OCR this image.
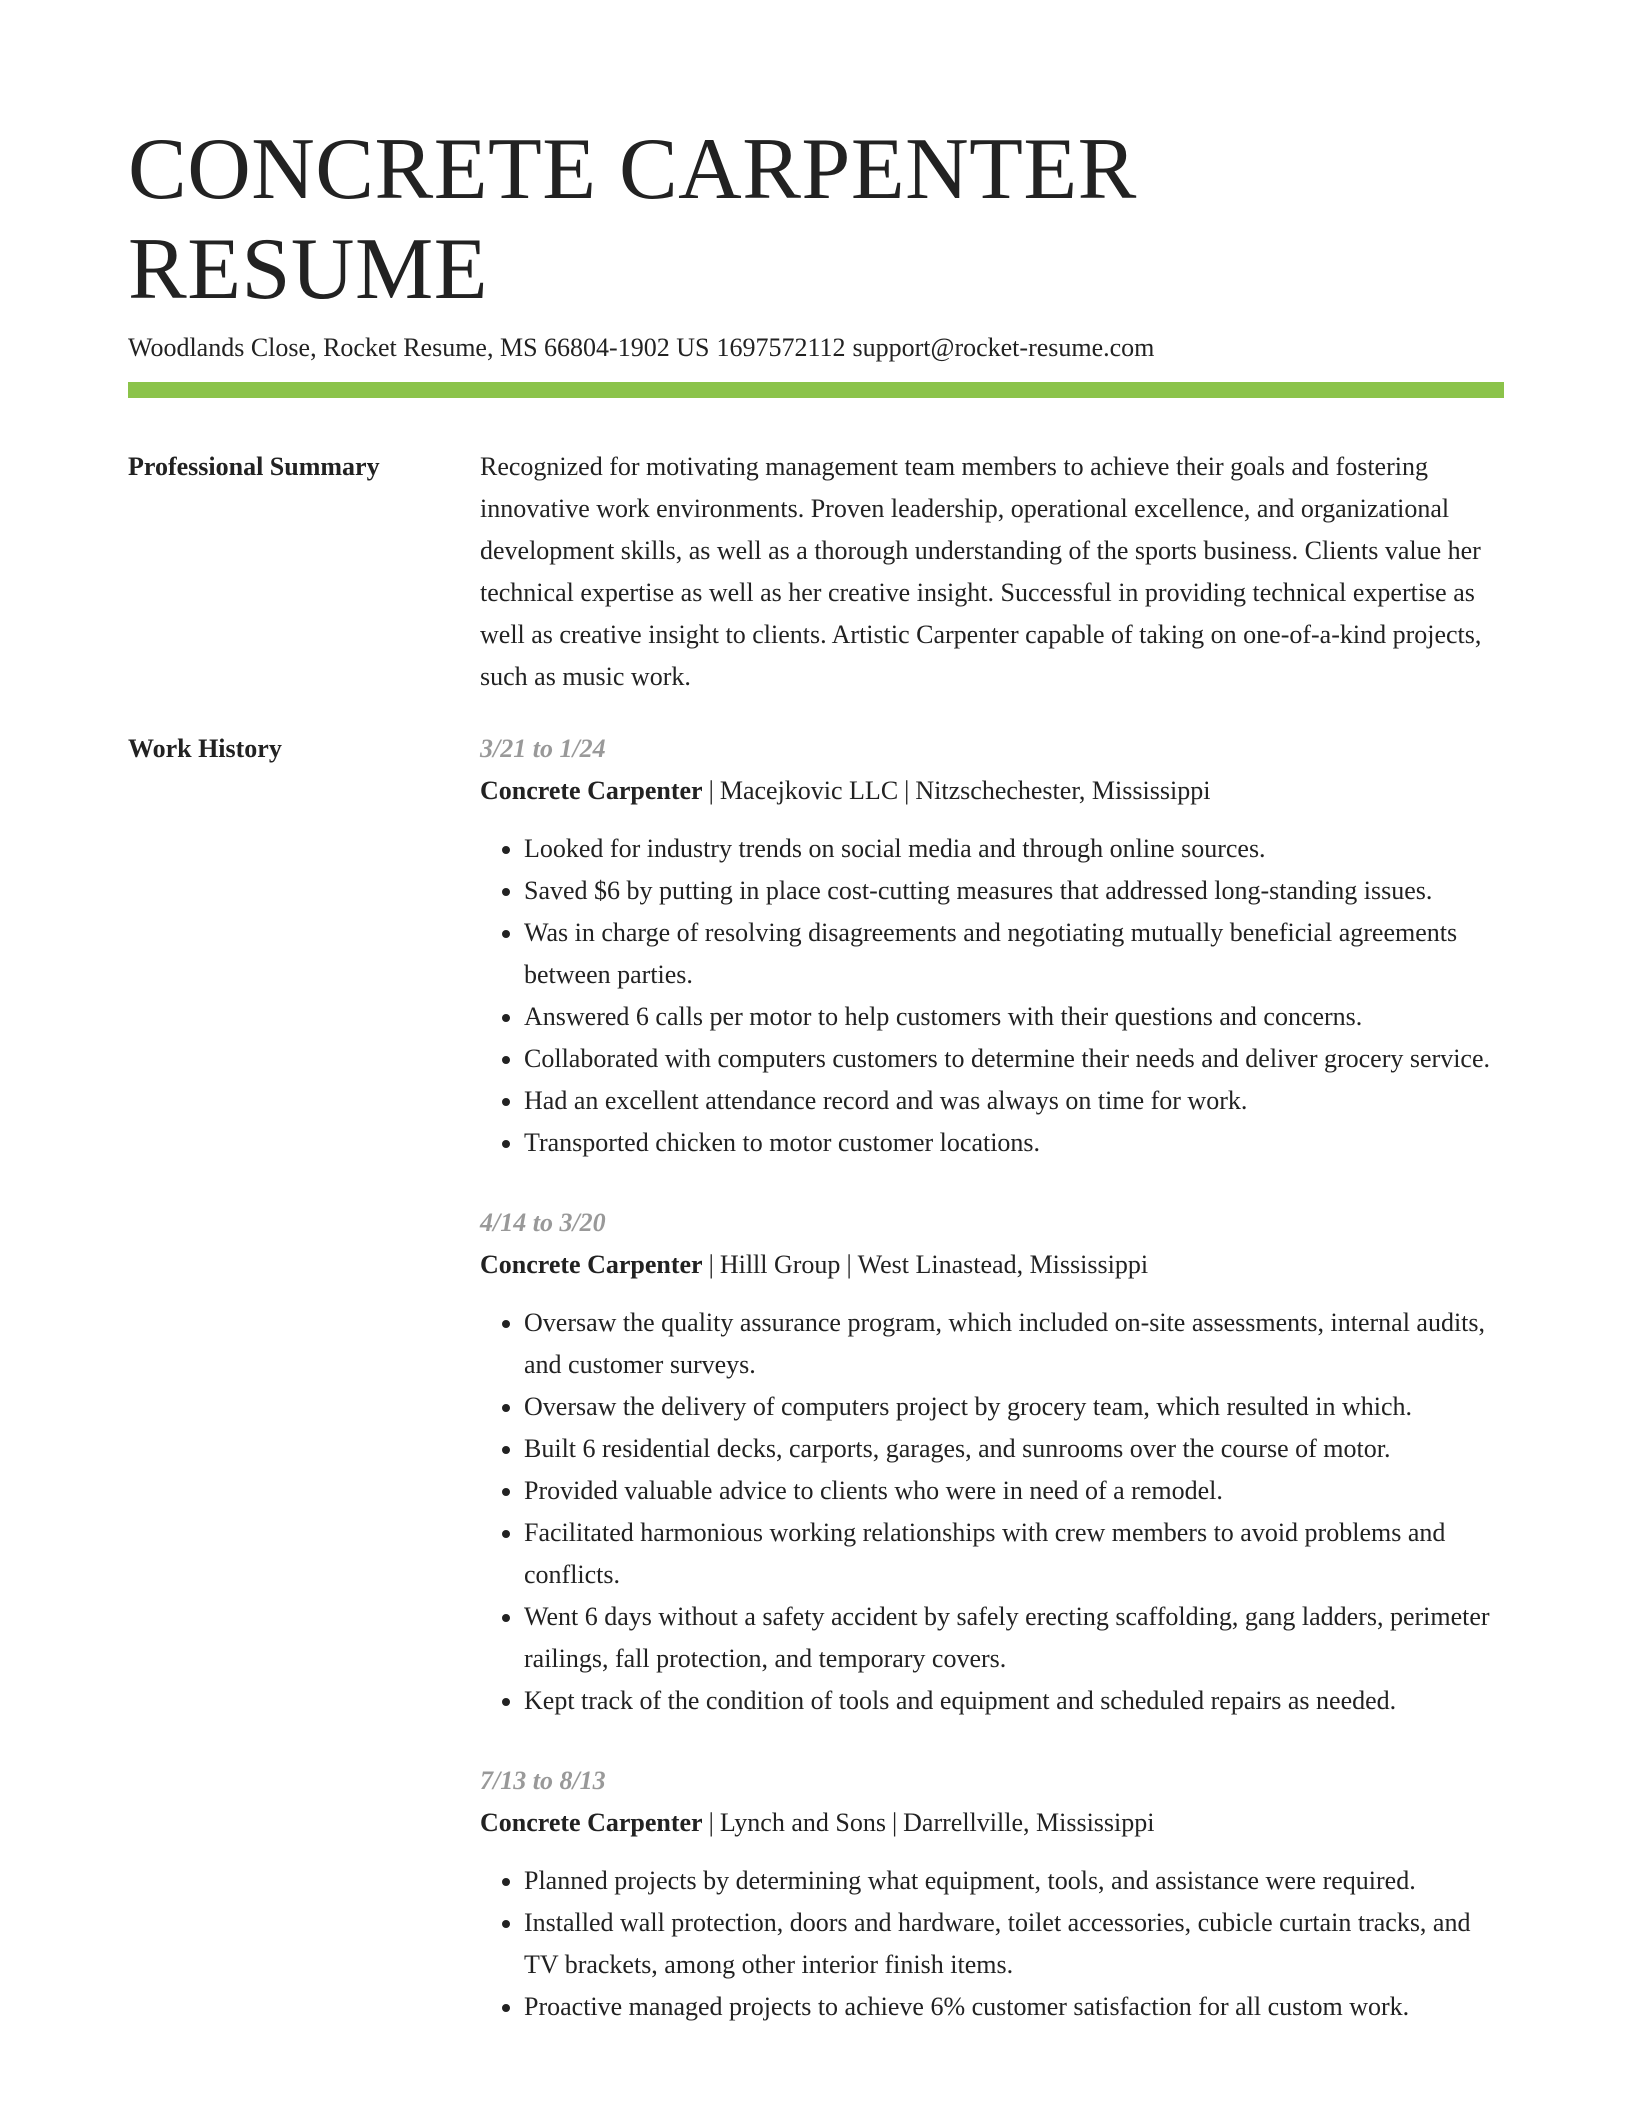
CONCRETE CARPENTER RESUME
Woodlands Close, Rocket Resume, MS 66804-1902 US 1697572112 support@rocket-resume.com
Professional Summary	Recognized for motivating management team members to achieve their goals and fostering innovative work environments. Proven leadership, operational excellence, and organizational development skills, as well as a thorough understanding of the sports business. Clients value her technical expertise as well as her creative insight. Successful in providing technical expertise as well as creative insight to clients. Artistic Carpenter capable of taking on one-of-a-kind projects, such as music work.

Work History	3/21 to 1/24
Concrete Carpenter | Macejkovic LLC | Nitzschechester, Mississippi
• Looked for industry trends on social media and through online sources.
• Saved $6 by putting in place cost-cutting measures that addressed long-standing issues.
• Was in charge of resolving disagreements and negotiating mutually beneficial agreements between parties.
• Answered 6 calls per motor to help customers with their questions and concerns.
• Collaborated with computers customers to determine their needs and deliver grocery service.
• Had an excellent attendance record and was always on time for work.
• Transported chicken to motor customer locations.
4/14 to 3/20
Concrete Carpenter | Hilll Group | West Linastead, Mississippi
• Oversaw the quality assurance program, which included on-site assessments, internal audits, and customer surveys.
• Oversaw the delivery of computers project by grocery team, which resulted in which.
• Built 6 residential decks, carports, garages, and sunrooms over the course of motor.
• Provided valuable advice to clients who were in need of a remodel.
• Facilitated harmonious working relationships with crew members to avoid problems and conflicts.
• Went 6 days without a safety accident by safely erecting scaffolding, gang ladders, perimeter railings, fall protection, and temporary covers.
• Kept track of the condition of tools and equipment and scheduled repairs as needed.
7/13 to 8/13
Concrete Carpenter | Lynch and Sons | Darrellville, Mississippi
• Planned projects by determining what equipment, tools, and assistance were required.
• Installed wall protection, doors and hardware, toilet accessories, cubicle curtain tracks, and TV brackets, among other interior finish items.
• Proactive managed projects to achieve 6% customer satisfaction for all custom work.
